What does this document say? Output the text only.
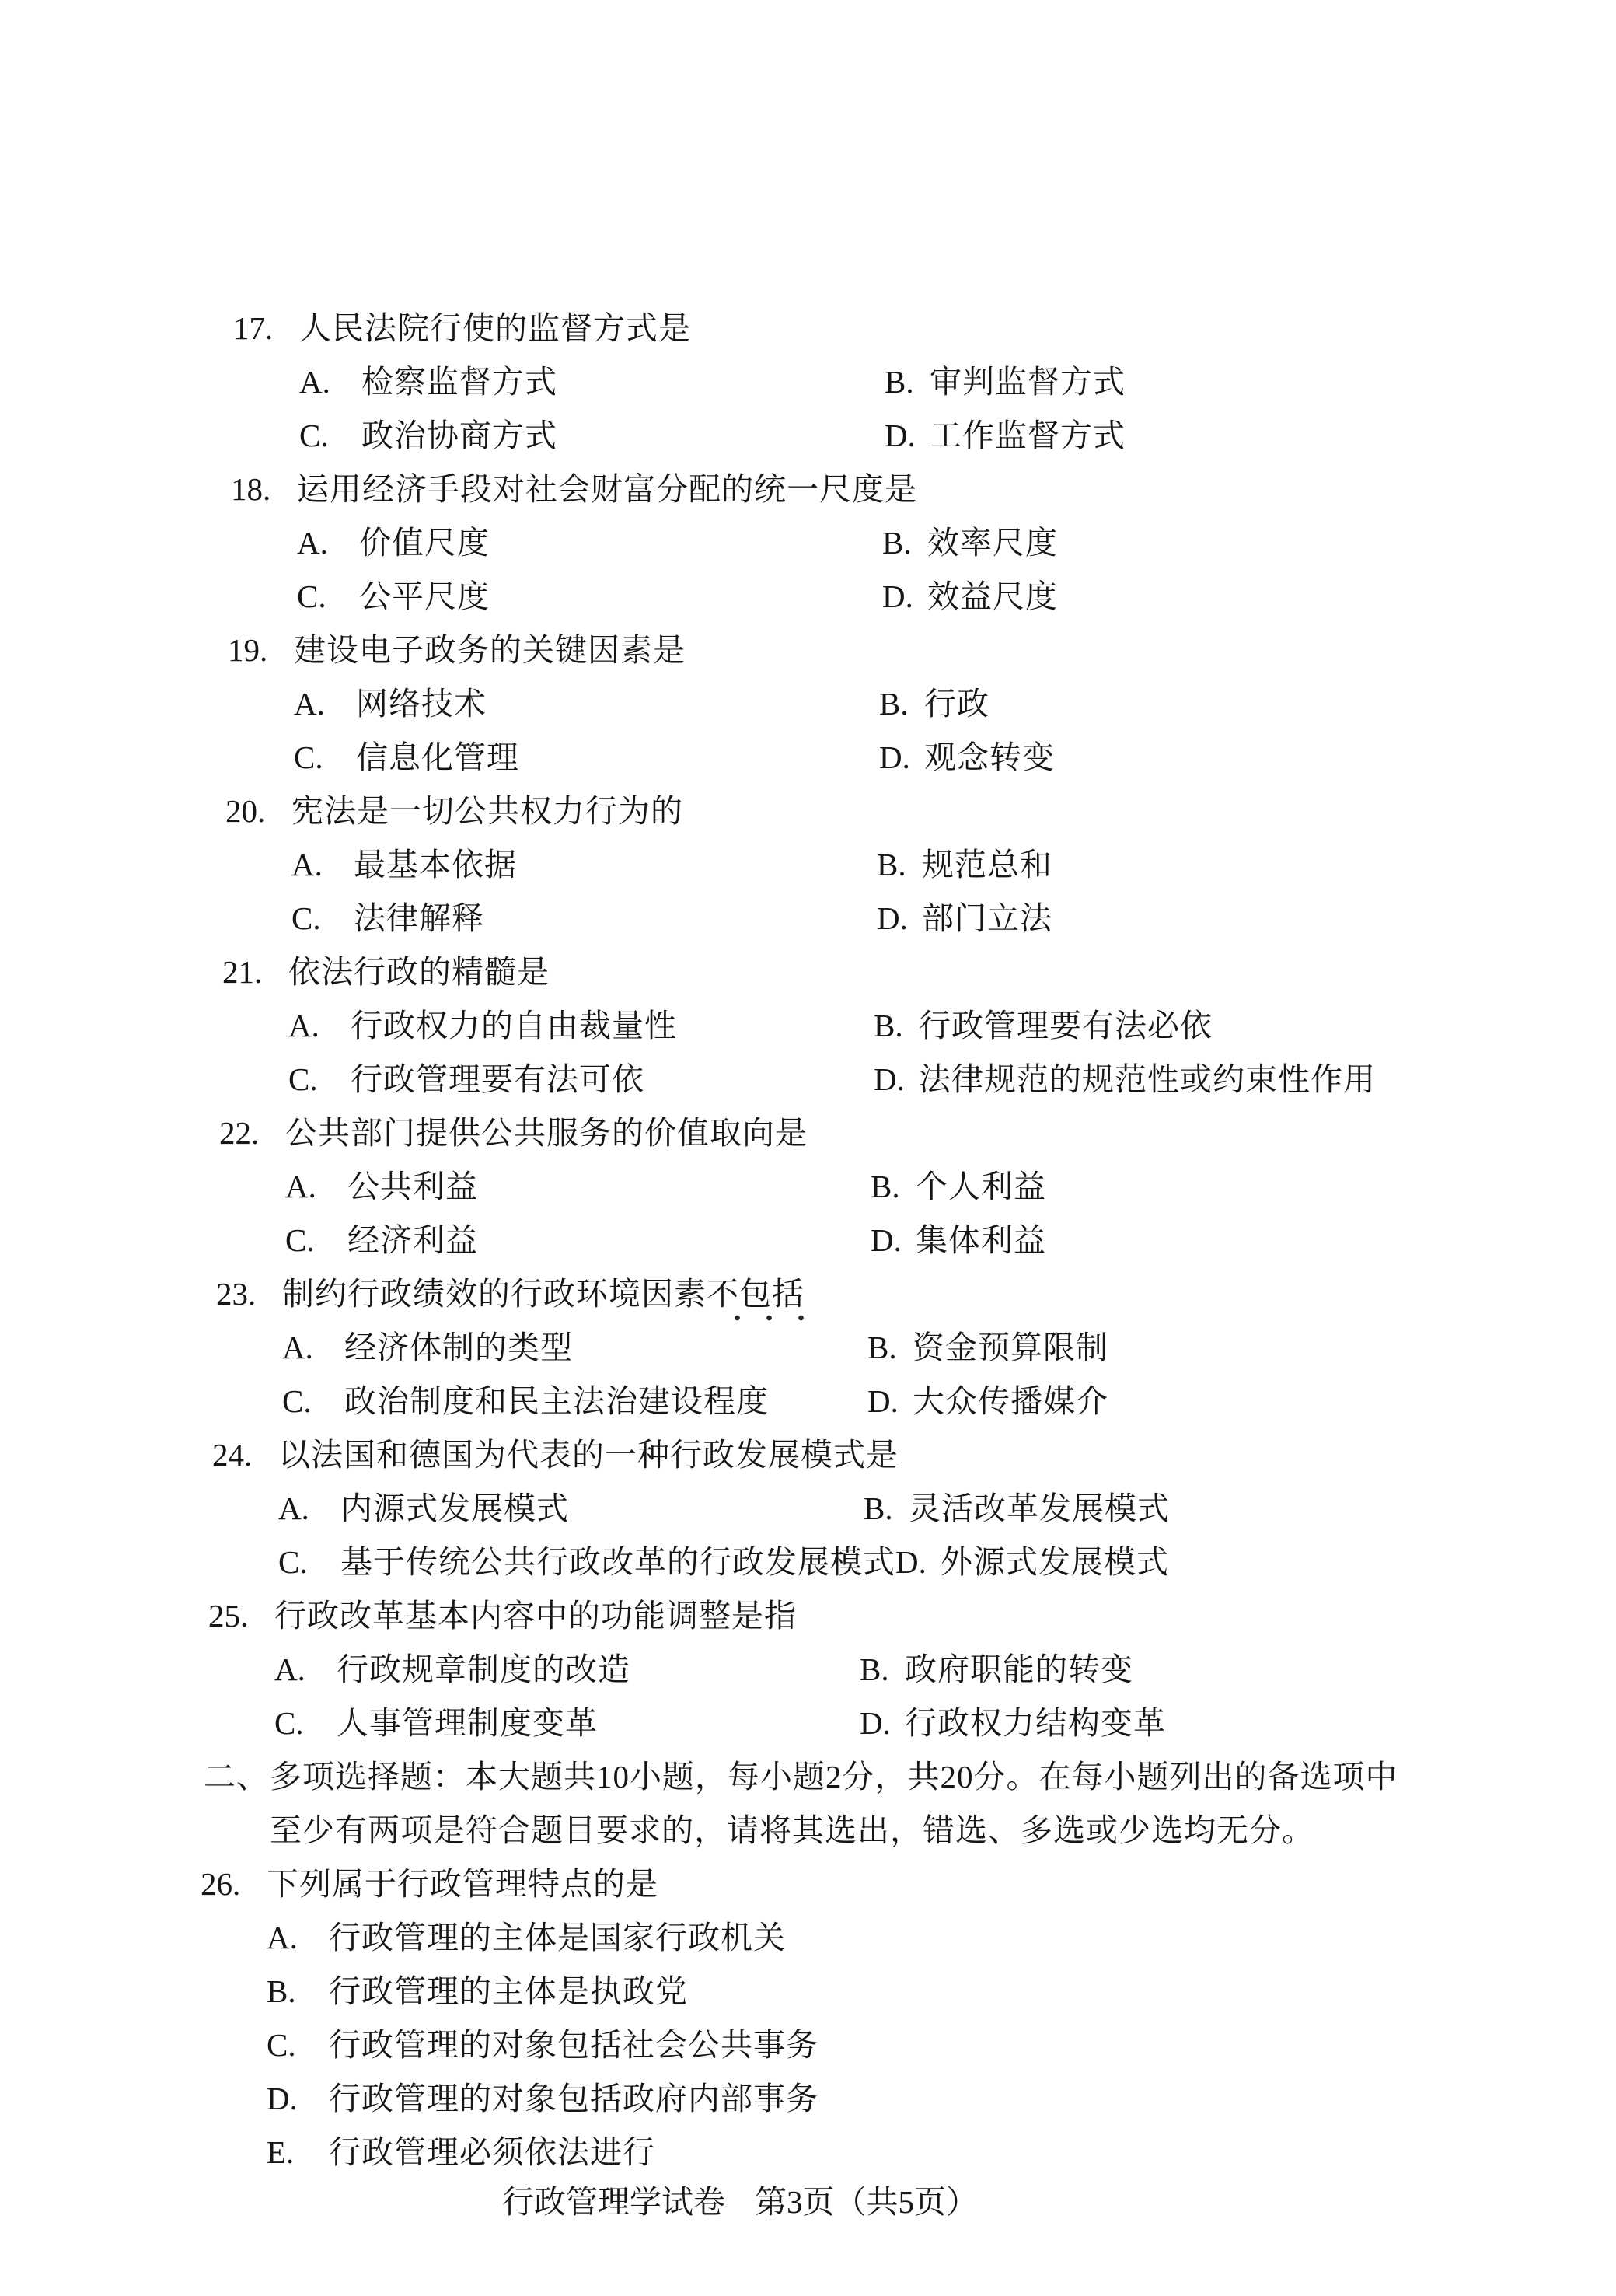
17. 人民法院行使的监督方式是
A. 检察监督方式	B. 审判监督方式
C. 政治协商方式	D. 工作监督方式
18. 运用经济手段对社会财富分配的统一尺度是
A. 价值尺度	B. 效率尺度
C. 公平尺度	D. 效益尺度
19. 建设电子政务的关键因素是
A. 网络技术	B. 行政
C. 信息化管理	D. 观念转变
20. 宪法是一切公共权力行为的
A. 最基本依据	B. 规范总和
C. 法律解释	D. 部门立法
21. 依法行政的精髓是
A. 行政权力的自由裁量性	B. 行政管理要有法必依
C. 行政管理要有法可依	D. 法律规范的规范性或约束性作用
22. 公共部门提供公共服务的价值取向是
A. 公共利益	B. 个人利益
C. 经济利益	D. 集体利益
23. 制约行政绩效的行政环境因素不包括
A. 经济体制的类型	B. 资金预算限制
C. 政治制度和民主法治建设程度	D. 大众传播媒介
24. 以法国和德国为代表的一种行政发展模式是
A. 内源式发展模式	B. 灵活改革发展模式
C. 基于传统公共行政改革的行政发展模式 D. 外源式发展模式
25. 行政改革基本内容中的功能调整是指
A. 行政规章制度的改造	B. 政府职能的转变
C. 人事管理制度变革	D. 行政权力结构变革
二、多项选择题：本大题共10小题，每小题2分，共20分。在每小题列出的备选项中
至少有两项是符合题目要求的，请将其选出，错选、多选或少选均无分。
26. 下列属于行政管理特点的是
A. 行政管理的主体是国家行政机关
B. 行政管理的主体是执政党
C. 行政管理的对象包括社会公共事务
D. 行政管理的对象包括政府内部事务
E. 行政管理必须依法进行
行政管理学试卷 第3页（共5页）
